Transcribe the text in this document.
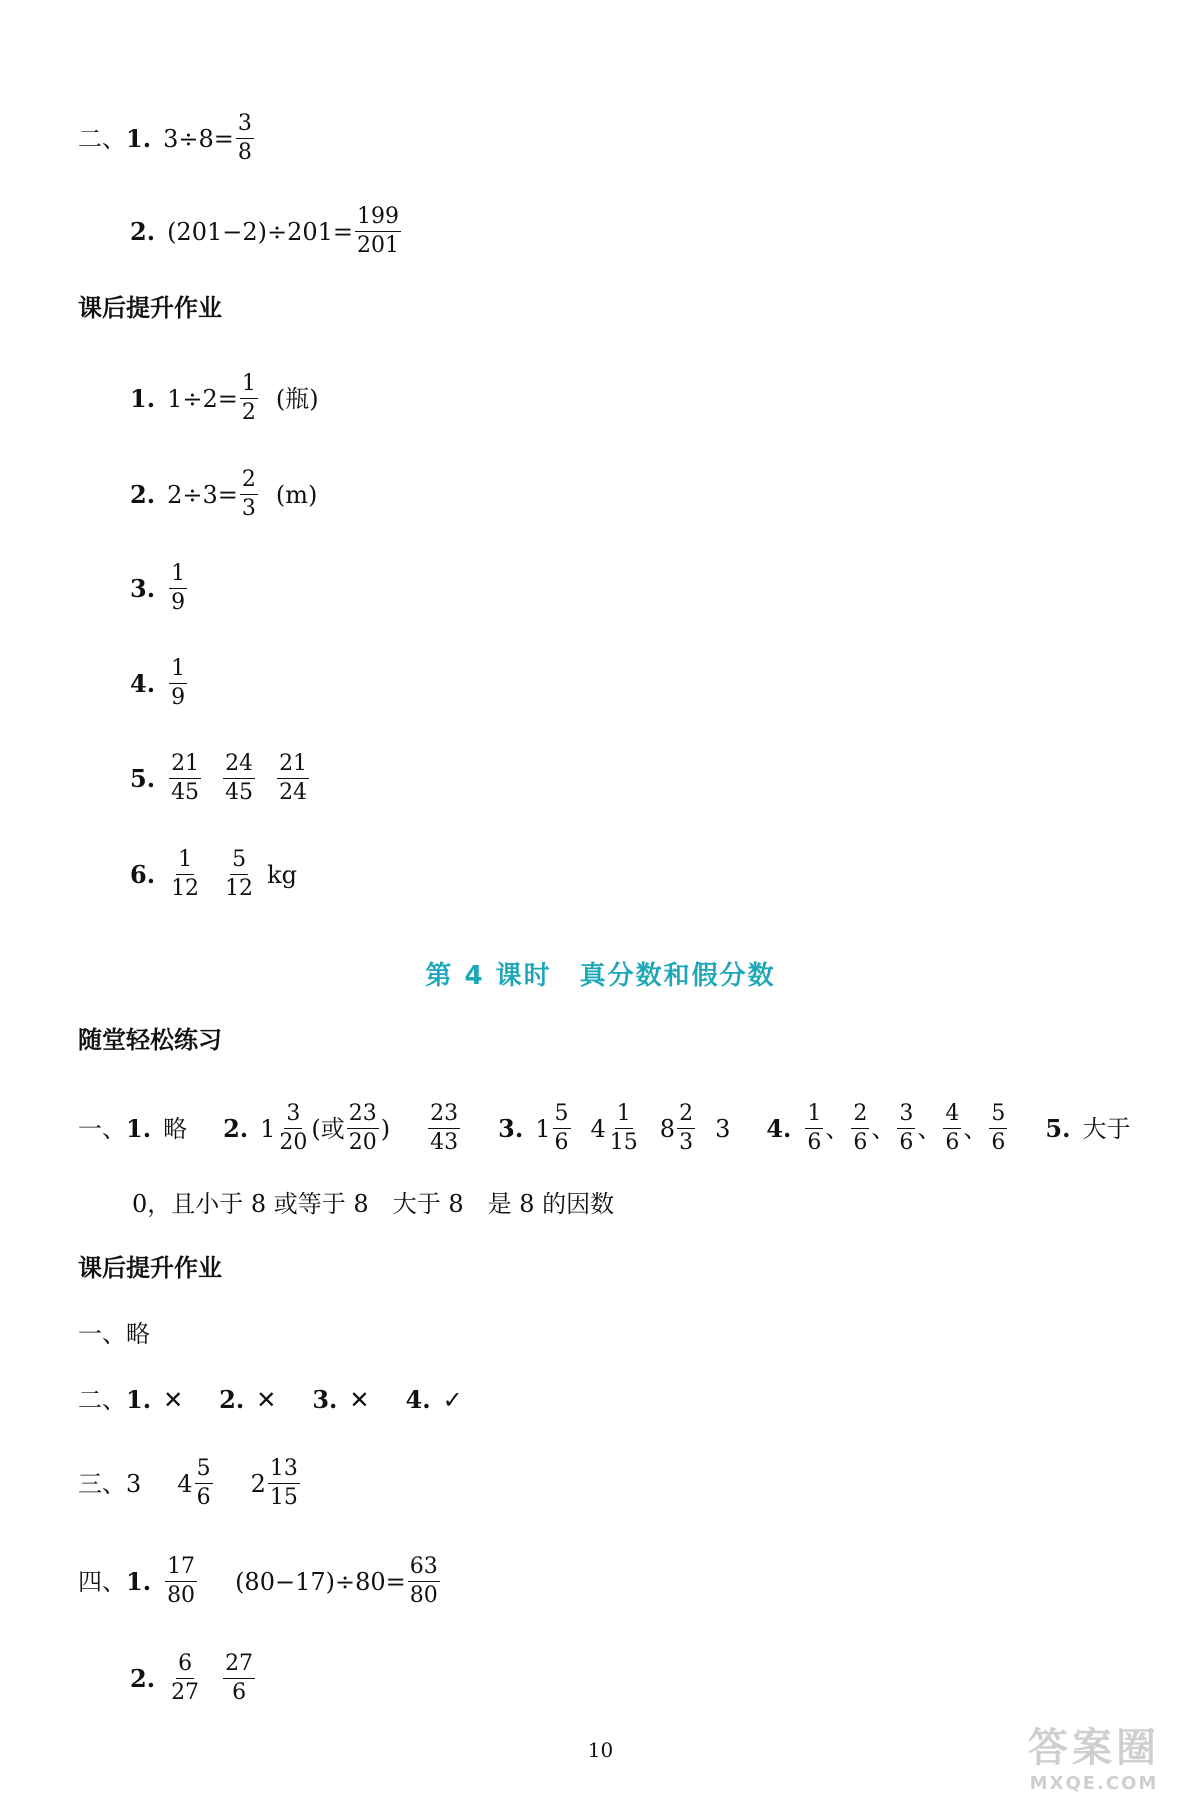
二、 1. $3\div 8= \frac{3}{8}$
2. $(201-2)\div 201= \frac{199}{201}$
课后提升作业
1. $1\div 2= \frac{1}{2}$ (瓶)
2. $2\div 3= \frac{2}{3} (m)$
3. $\frac{1}{9}$
4. $\frac{1}{9}$
5. $\frac{21}{45} \frac{24}{45} \frac{21}{24}$
6. $\frac{1}{12} \frac{5}{12}$ kg
第 4 课时　真分数和假分数
随堂轻松练习
一、 1. 略 2. $1 \frac{3}{20}$ (或 $\frac{23}{20}$ ) $\frac{23}{43} 3$. $1 \frac{5}{6} 4 \frac{1}{15} 8 \frac{2}{3} 3$ 4. $\frac{1}{6}$ 、 $\frac{2}{6}$ 、 $\frac{3}{6}$ 、 $\frac{4}{6}$ 、 $\frac{5}{6} 5$. 大于
0，且小于 8 或等于 8　大于 8　是 8 的因数
课后提升作业
一、 略
二、 1. ✕ 2. ✕ 3. ✕ 4. ✓
三、 3 $4 \frac{5}{6} 2 \frac{13}{15}$
四、 1. $\frac{17}{80} (80-17)\div 80= \frac{63}{80}$
2. $\frac{6}{27} \frac{27}{6}$
10	答案圈
MXQE.COM
